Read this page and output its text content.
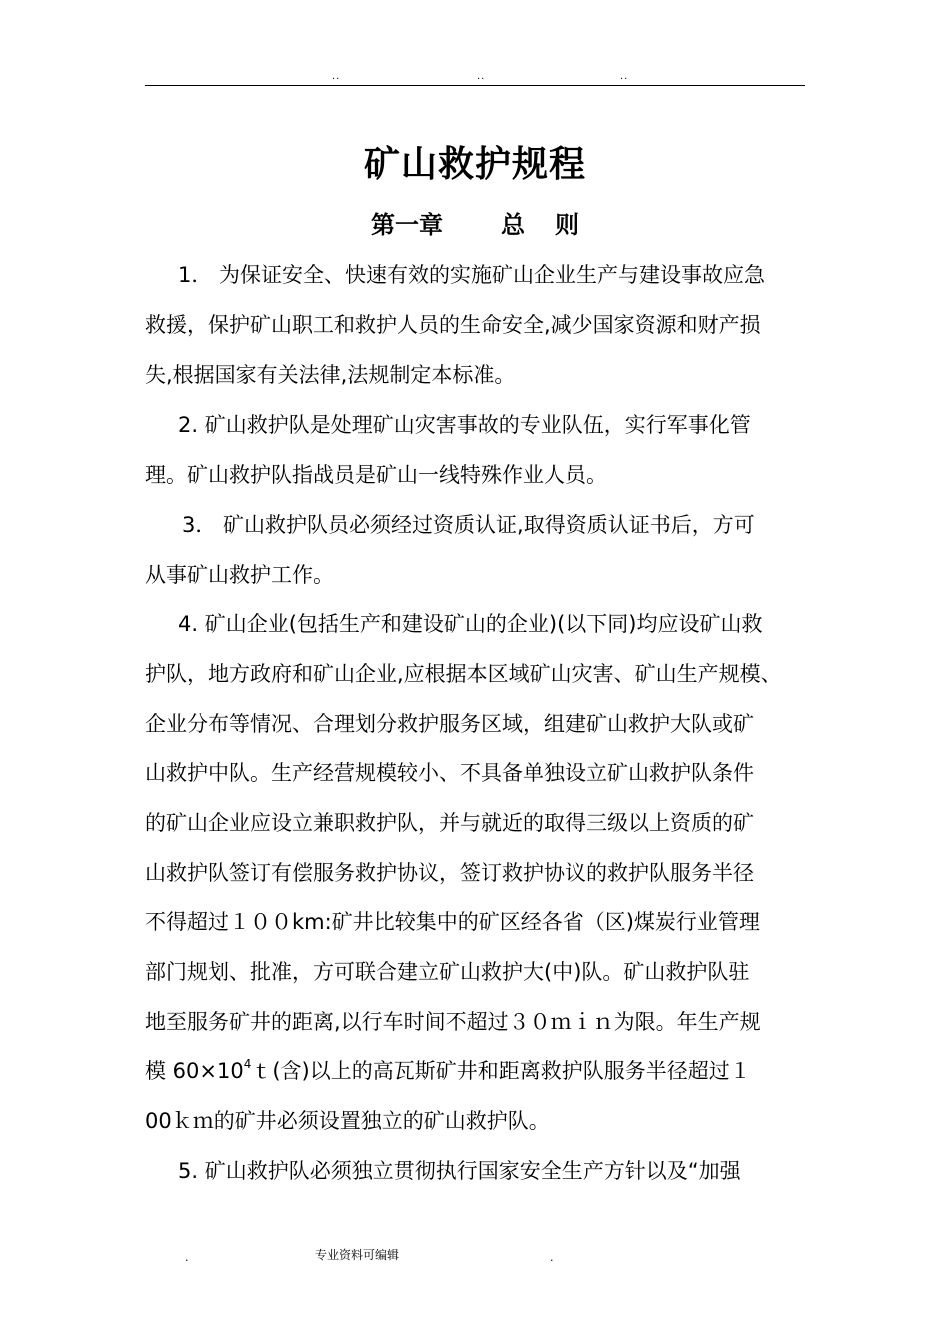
..	..	..
矿山救护规程
第一章 总 则
1． 为保证安全、快速有效的实施矿山企业生产与建设事故应急
救援，保护矿山职工和救护人员的生命安全,减少国家资源和财产损
失,根据国家有关法律,法规制定本标准。
2. 矿山救护队是处理矿山灾害事故的专业队伍，实行军事化管
理。矿山救护队指战员是矿山一线特殊作业人员。
3． 矿山救护队员必须经过资质认证,取得资质认证书后，方可
从事矿山救护工作。
4. 矿山企业(包括生产和建设矿山的企业)(以下同)均应设矿山救
护队，地方政府和矿山企业,应根据本区域矿山灾害、矿山生产规模、
企业分布等情况、合理划分救护服务区域，组建矿山救护大队或矿
山救护中队。生产经营规模较小、不具备单独设立矿山救护队条件
的矿山企业应设立兼职救护队，并与就近的取得三级以上资质的矿
山救护队签订有偿服务救护协议，签订救护协议的救护队服务半径
不得超过１００km:矿井比较集中的矿区经各省（区)煤炭行业管理
部门规划、批准，方可联合建立矿山救护大(中)队。矿山救护队驻
地至服务矿井的距离,以行车时间不超过３０ｍｉｎ为限。年生产规
模 $60\times 10^4t$(含)以上的高瓦斯矿井和距离救护队服务半径超过１
00ｋｍ的矿井必须设置独立的矿山救护队。
5. 矿山救护队必须独立贯彻执行国家安全生产方针以及“加强
.	专业资料可编辑	.
